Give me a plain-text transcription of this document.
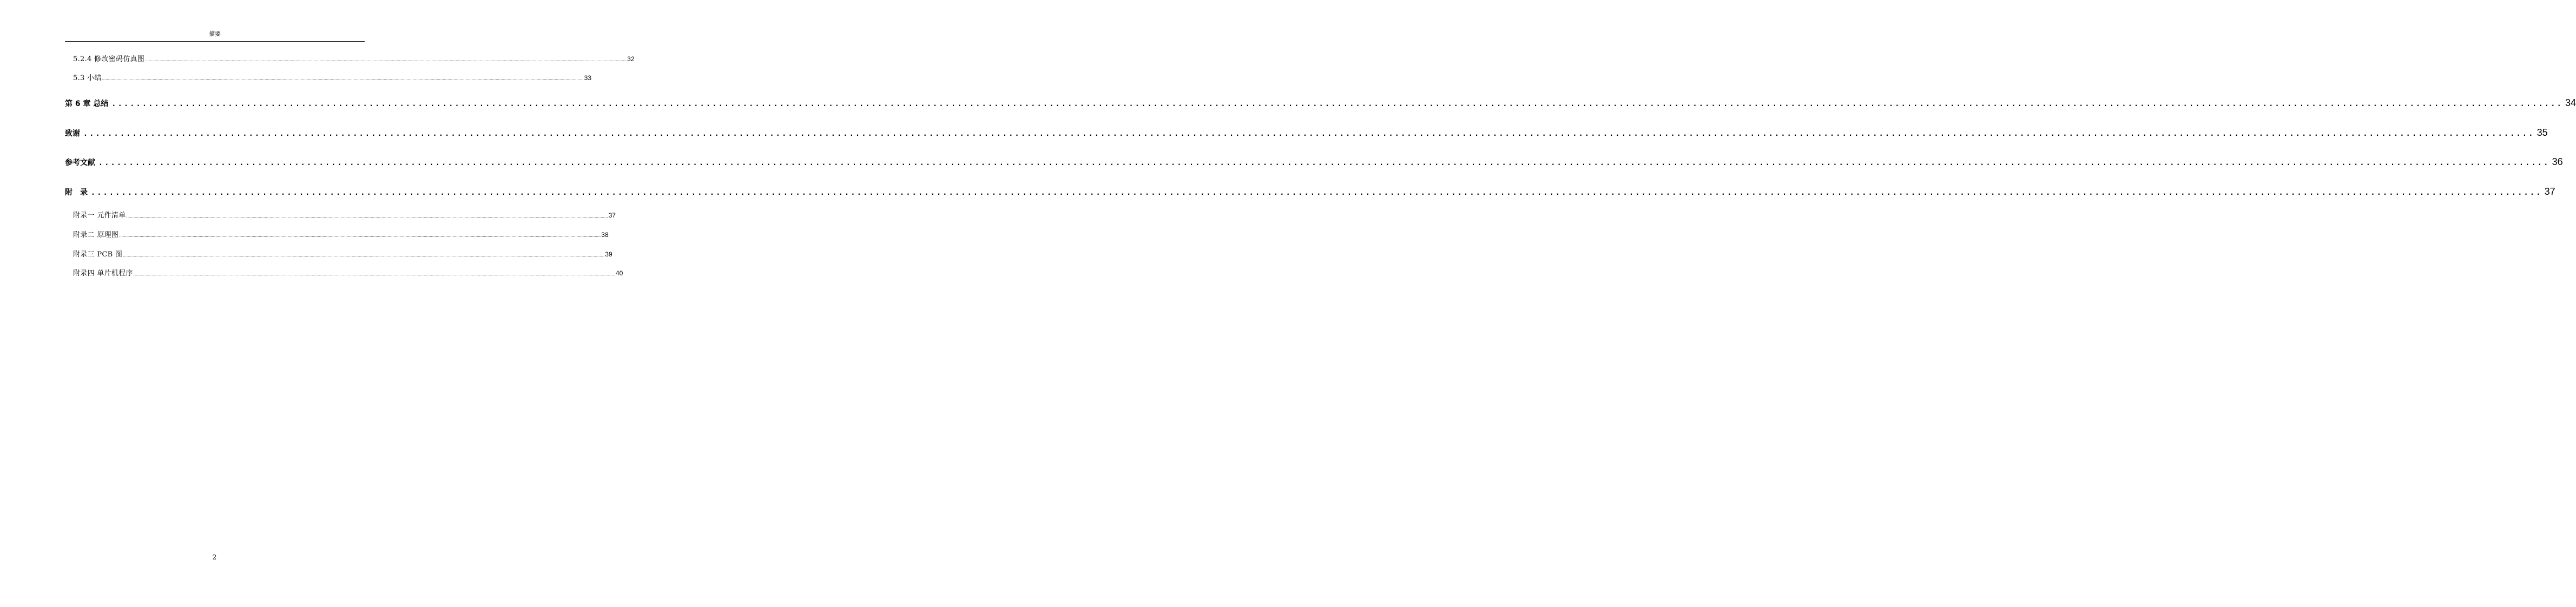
摘要
5.2.4 修改密码仿真图 ................................................................................................................................................................................................................................................................................................................................................................................................................ 32
5.3 小结 ................................................................................................................................................................................................................................................................................................................................................................................................................ 33
第 6 章 总结 ................................................................................................................................................................................................................................................................................................................................................................................................................ 34
致谢 ................................................................................................................................................................................................................................................................................................................................................................................................................ 35
参考文献 ................................................................................................................................................................................................................................................................................................................................................................................................................ 36
附　录 ................................................................................................................................................................................................................................................................................................................................................................................................................ 37
附录一 元件清单 ................................................................................................................................................................................................................................................................................................................................................................................................................ 37
附录二 原理图 ................................................................................................................................................................................................................................................................................................................................................................................................................ 38
附录三 PCB 图 ................................................................................................................................................................................................................................................................................................................................................................................................................ 39
附录四 单片机程序 ................................................................................................................................................................................................................................................................................................................................................................................................................ 40
2
